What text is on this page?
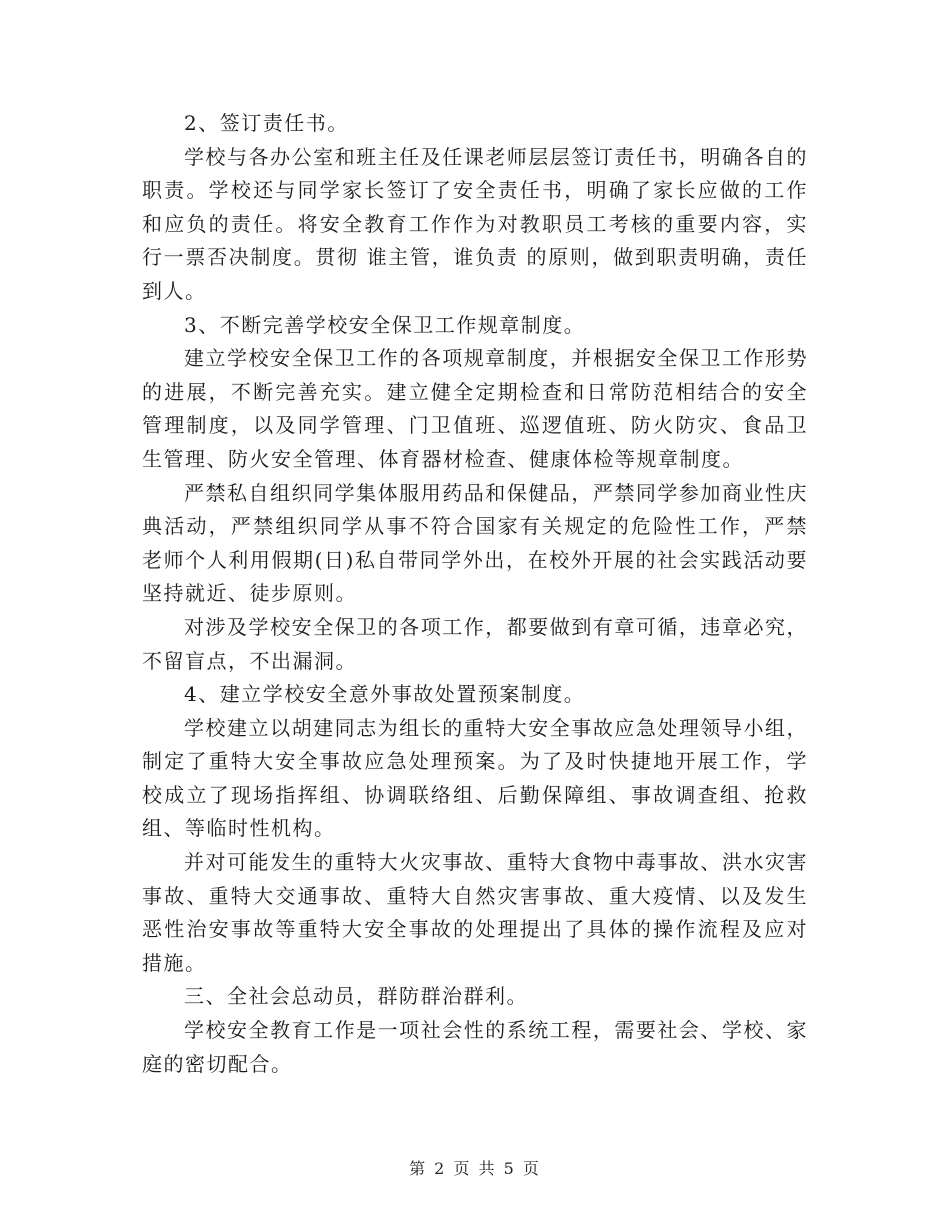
2、签订责任书。

学校与各办公室和班主任及任课老师层层签订责任书，明确各自的职责。学校还与同学家长签订了安全责任书，明确了家长应做的工作和应负的责任。将安全教育工作作为对教职员工考核的重要内容，实行一票否决制度。贯彻 谁主管，谁负责 的原则，做到职责明确，责任到人。

3、不断完善学校安全保卫工作规章制度。

建立学校安全保卫工作的各项规章制度，并根据安全保卫工作形势的进展，不断完善充实。建立健全定期检查和日常防范相结合的安全管理制度，以及同学管理、门卫值班、巡逻值班、防火防灾、食品卫生管理、防火安全管理、体育器材检查、健康体检等规章制度。

严禁私自组织同学集体服用药品和保健品，严禁同学参加商业性庆典活动，严禁组织同学从事不符合国家有关规定的危险性工作，严禁老师个人利用假期(日)私自带同学外出，在校外开展的社会实践活动要坚持就近、徒步原则。

对涉及学校安全保卫的各项工作，都要做到有章可循，违章必究，不留盲点，不出漏洞。

4、建立学校安全意外事故处置预案制度。

学校建立以胡建同志为组长的重特大安全事故应急处理领导小组，制定了重特大安全事故应急处理预案。为了及时快捷地开展工作，学校成立了现场指挥组、协调联络组、后勤保障组、事故调查组、抢救组、等临时性机构。

并对可能发生的重特大火灾事故、重特大食物中毒事故、洪水灾害事故、重特大交通事故、重特大自然灾害事故、重大疫情、以及发生恶性治安事故等重特大安全事故的处理提出了具体的操作流程及应对措施。

三、全社会总动员，群防群治群利。

学校安全教育工作是一项社会性的系统工程，需要社会、学校、家庭的密切配合。

第 2 页 共 5 页
